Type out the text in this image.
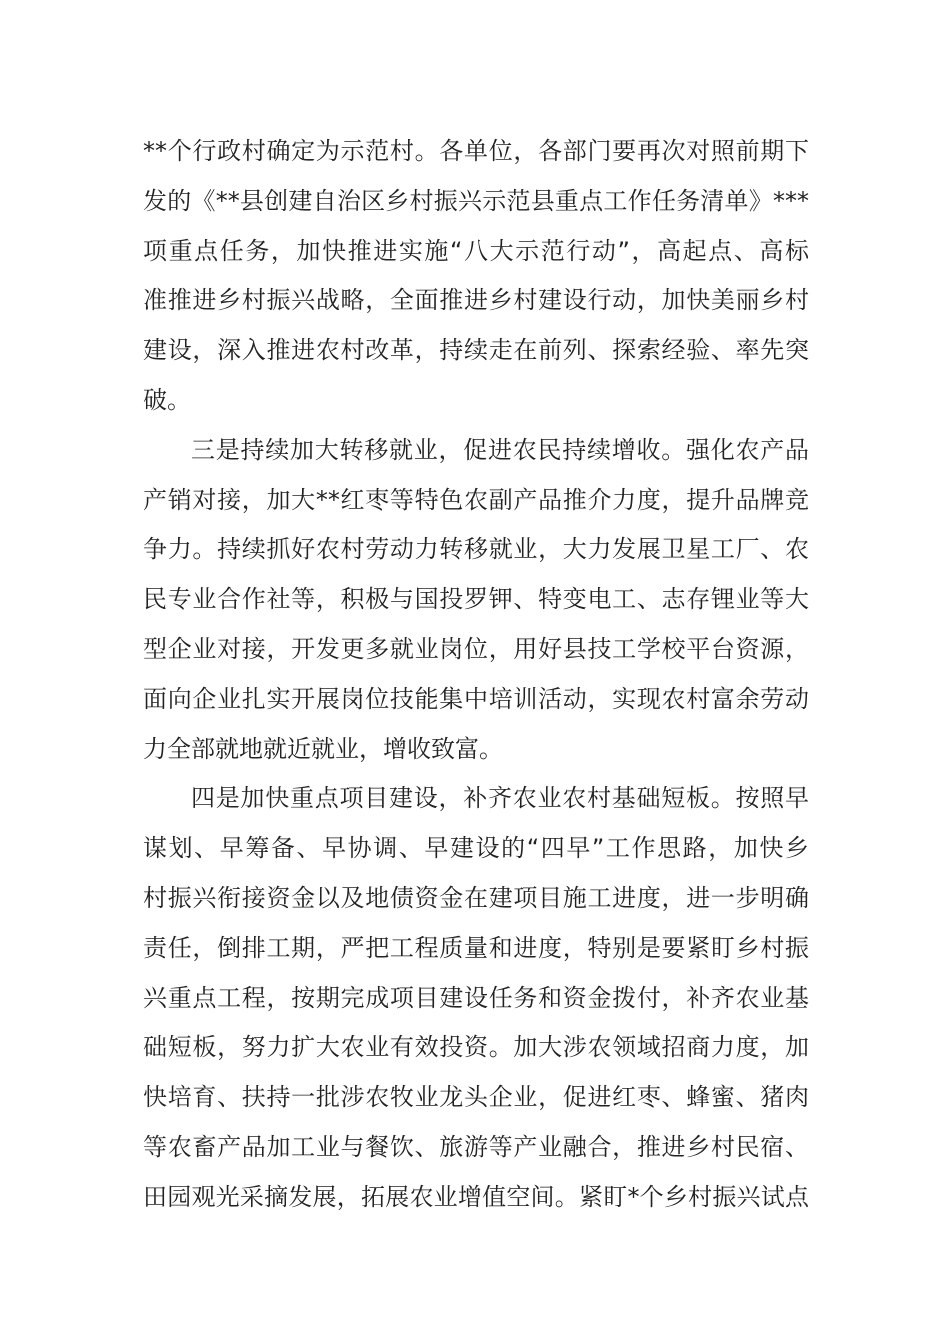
**个行政村确定为示范村。各单位，各部门要再次对照前期下
发的《**县创建自治区乡村振兴示范县重点工作任务清单》***
项重点任务，加快推进实施“八大示范行动”，高起点、高标
准推进乡村振兴战略，全面推进乡村建设行动，加快美丽乡村
建设，深入推进农村改革，持续走在前列、探索经验、率先突
破。
三是持续加大转移就业，促进农民持续增收。强化农产品
产销对接，加大**红枣等特色农副产品推介力度，提升品牌竞
争力。持续抓好农村劳动力转移就业，大力发展卫星工厂、农
民专业合作社等，积极与国投罗钾、特变电工、志存锂业等大
型企业对接，开发更多就业岗位，用好县技工学校平台资源，
面向企业扎实开展岗位技能集中培训活动，实现农村富余劳动
力全部就地就近就业，增收致富。
四是加快重点项目建设，补齐农业农村基础短板。按照早
谋划、早筹备、早协调、早建设的“四早”工作思路，加快乡
村振兴衔接资金以及地债资金在建项目施工进度，进一步明确
责任，倒排工期，严把工程质量和进度，特别是要紧盯乡村振
兴重点工程，按期完成项目建设任务和资金拨付，补齐农业基
础短板，努力扩大农业有效投资。加大涉农领域招商力度，加
快培育、扶持一批涉农牧业龙头企业，促进红枣、蜂蜜、猪肉
等农畜产品加工业与餐饮、旅游等产业融合，推进乡村民宿、
田园观光采摘发展，拓展农业增值空间。紧盯*个乡村振兴试点
